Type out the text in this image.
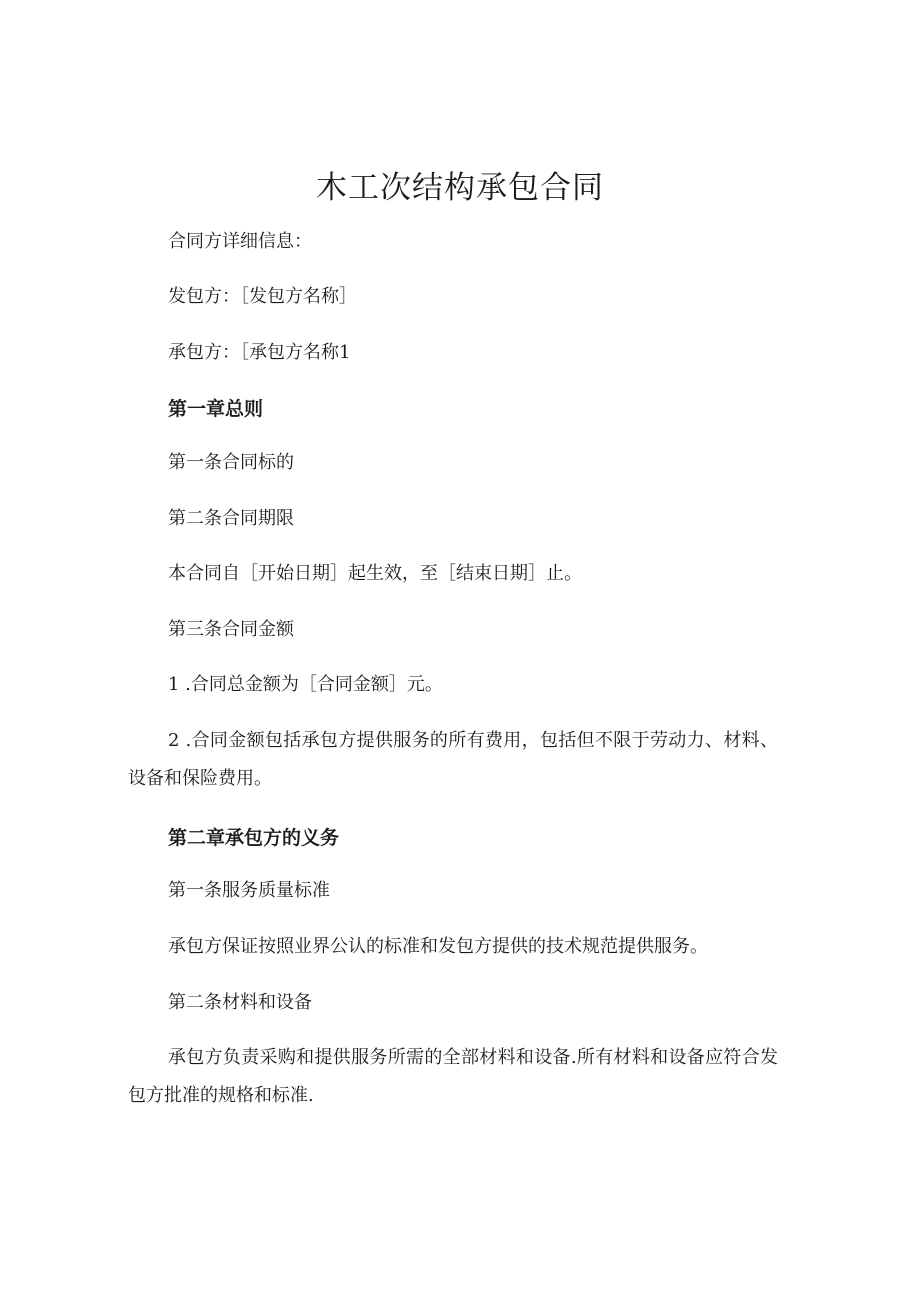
木工次结构承包合同
合同方详细信息：
发包方：［发包方名称］
承包方：［承包方名称1
第一章总则
第一条合同标的
第二条合同期限
本合同自［开始日期］起生效，至［结束日期］止。
第三条合同金额
1 .合同总金额为［合同金额］元。
2 .合同金额包括承包方提供服务的所有费用，包括但不限于劳动力、材料、设备和保险费用。
第二章承包方的义务
第一条服务质量标准
承包方保证按照业界公认的标准和发包方提供的技术规范提供服务。
第二条材料和设备
承包方负责采购和提供服务所需的全部材料和设备.所有材料和设备应符合发包方批准的规格和标准.
